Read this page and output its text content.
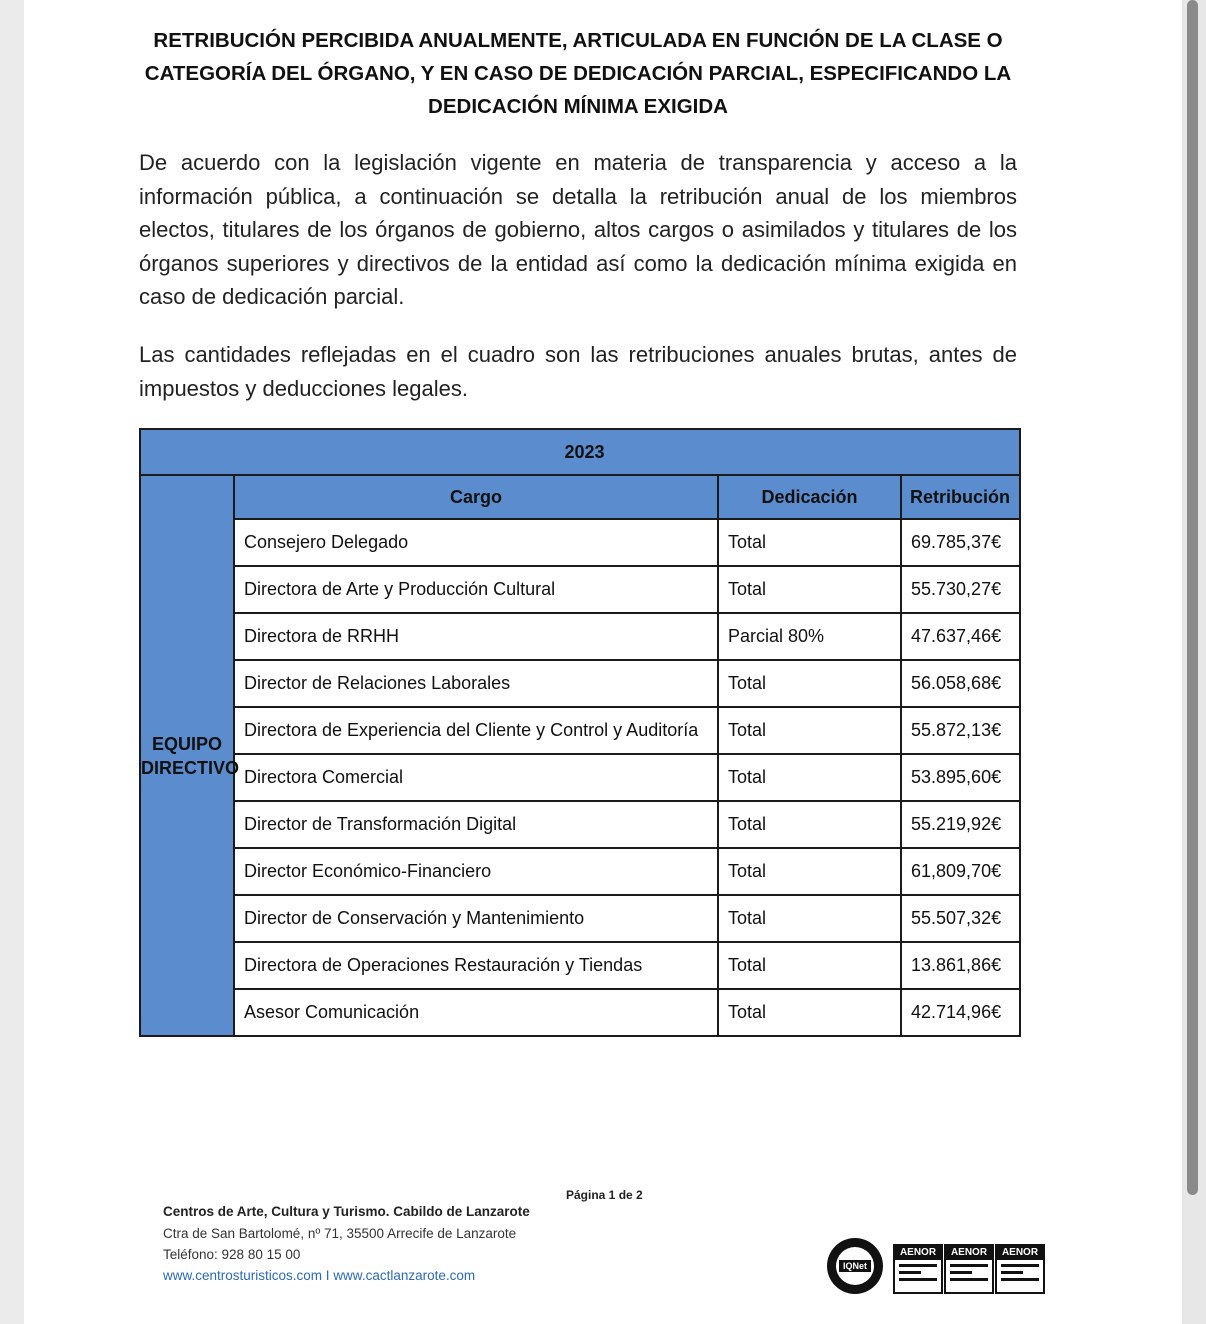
RETRIBUCIÓN PERCIBIDA ANUALMENTE, ARTICULADA EN FUNCIÓN DE LA CLASE O CATEGORÍA DEL ÓRGANO, Y EN CASO DE DEDICACIÓN PARCIAL, ESPECIFICANDO LA DEDICACIÓN MÍNIMA EXIGIDA

De acuerdo con la legislación vigente en materia de transparencia y acceso a la información pública, a continuación se detalla la retribución anual de los miembros electos, titulares de los órganos de gobierno, altos cargos o asimilados y titulares de los órganos superiores y directivos de la entidad así como la dedicación mínima exigida en caso de dedicación parcial.

Las cantidades reflejadas en el cuadro son las retribuciones anuales brutas, antes de impuestos y deducciones legales.

2023			

EQUIPO
DIRECTIVO	Cargo	Dedicación	Retribución
	Consejero Delegado	Total	69.785,37€
	Directora de Arte y Producción Cultural	Total	55.730,27€
	Directora de RRHH	Parcial 80%	47.637,46€
	Director de Relaciones Laborales	Total	56.058,68€
	Directora de Experiencia del Cliente y Control y Auditoría	Total	55.872,13€
	Directora Comercial	Total	53.895,60€
	Director de Transformación Digital	Total	55.219,92€
	Director Económico-Financiero	Total	61,809,70€
	Director de Conservación y Mantenimiento	Total	55.507,32€
	Directora de Operaciones Restauración y Tiendas	Total	13.861,86€
	Asesor Comunicación	Total	42.714,96€
Página 1 de 2
Centros de Arte, Cultura y Turismo. Cabildo de Lanzarote
Ctra de San Bartolomé, nº 71, 35500 Arrecife de Lanzarote
Teléfono: 928 80 15 00
www.centrosturisticos.com I www.cactlanzarote.com
IQNet
AENOR	AENOR	AENOR
